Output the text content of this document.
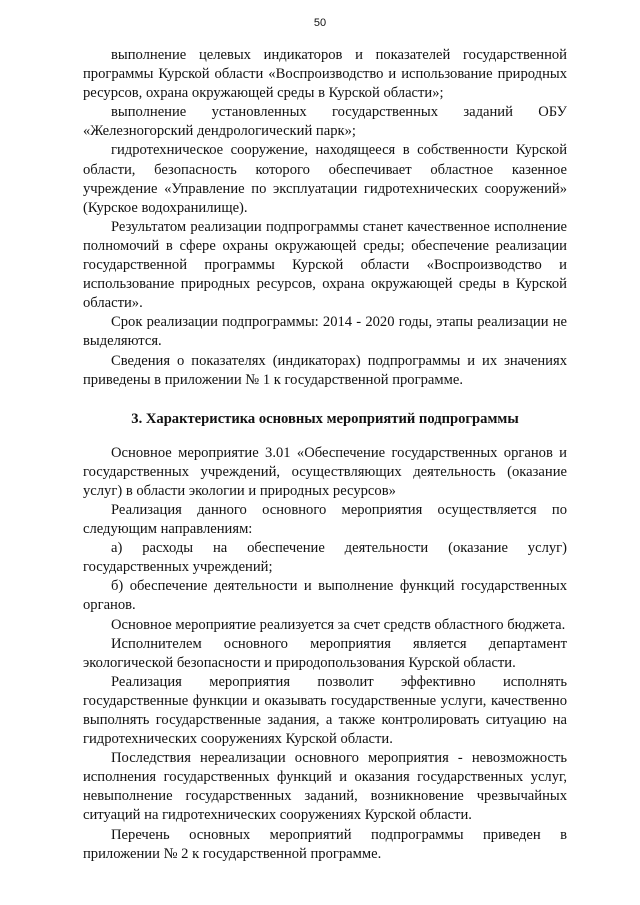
50

выполнение целевых индикаторов и показателей государственной программы Курской области «Воспроизводство и использование природных ресурсов, охрана окружающей среды в Курской области»;

выполнение установленных государственных заданий ОБУ «Железногорский дендрологический парк»;

гидротехническое сооружение, находящееся в собственности Курской области, безопасность которого обеспечивает областное казенное учреждение «Управление по эксплуатации гидротехнических сооружений» (Курское водохранилище).

Результатом реализации подпрограммы станет качественное исполнение полномочий в сфере охраны окружающей среды; обеспечение реализации государственной программы Курской области «Воспроизводство и использование природных ресурсов, охрана окружающей среды в Курской области».

Срок реализации подпрограммы: 2014 - 2020 годы, этапы реализации не выделяются.

Сведения о показателях (индикаторах) подпрограммы и их значениях приведены в приложении № 1 к государственной программе.

3. Характеристика основных мероприятий подпрограммы

Основное мероприятие 3.01 «Обеспечение государственных органов и государственных учреждений, осуществляющих деятельность (оказание услуг) в области экологии и природных ресурсов»

Реализация данного основного мероприятия осуществляется по следующим направлениям:

а) расходы на обеспечение деятельности (оказание услуг) государственных учреждений;

б) обеспечение деятельности и выполнение функций государственных органов.

Основное мероприятие реализуется за счет средств областного бюджета.

Исполнителем основного мероприятия является департамент экологической безопасности и природопользования Курской области.

Реализация мероприятия позволит эффективно исполнять государственные функции и оказывать государственные услуги, качественно выполнять государственные задания, а также контролировать ситуацию на гидротехнических сооружениях Курской области.

Последствия нереализации основного мероприятия - невозможность исполнения государственных функций и оказания государственных услуг, невыполнение государственных заданий, возникновение чрезвычайных ситуаций на гидротехнических сооружениях Курской области.

Перечень основных мероприятий подпрограммы приведен в приложении № 2 к государственной программе.
